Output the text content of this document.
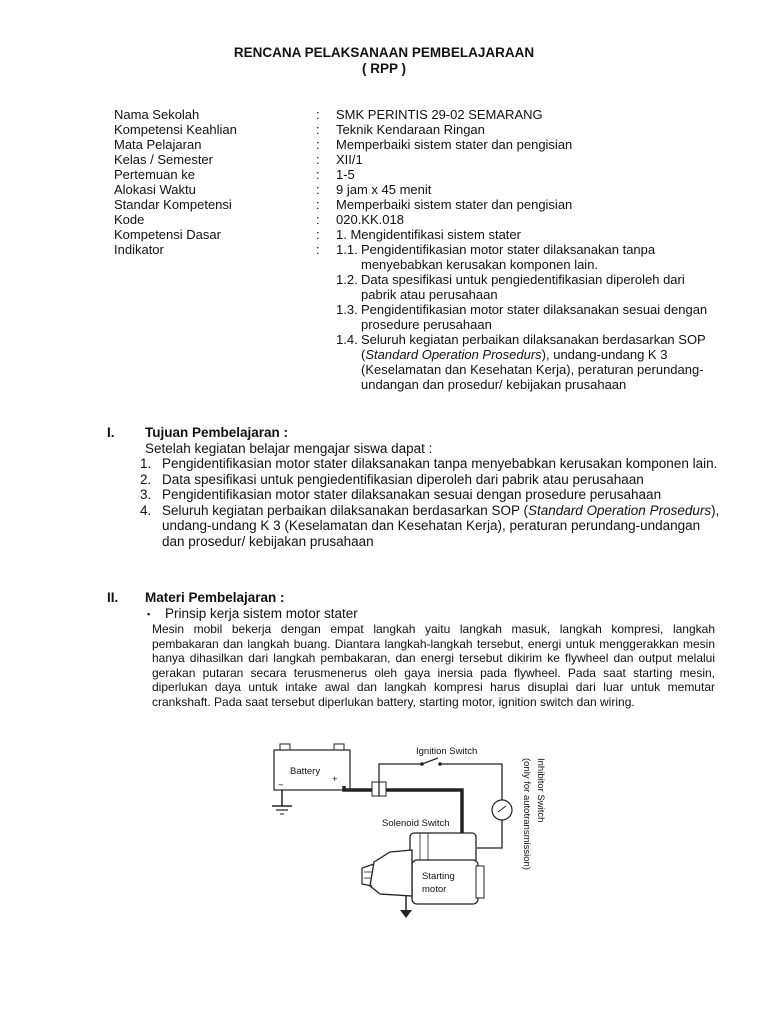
RENCANA PELAKSANAAN PEMBELAJARAAN
( RPP )
Nama Sekolah	:	SMK PERINTIS 29-02 SEMARANG
Kompetensi Keahlian	:	Teknik Kendaraan Ringan
Mata Pelajaran	:	Memperbaiki sistem stater dan pengisian
Kelas / Semester	:	XII/1
Pertemuan ke	:	1-5
Alokasi Waktu	:	9 jam x 45 menit
Standar Kompetensi	:	Memperbaiki sistem stater dan pengisian
Kode	:	020.KK.018
Kompetensi Dasar	:	1. Mengidentifikasi sistem stater
Indikator	:	1.1. Pengidentifikasian motor stater dilaksanakan tanpa menyebabkan kerusakan komponen lain.
1.2. Data spesifikasi untuk pengiedentifikasian diperoleh dari pabrik atau perusahaan
1.3. Pengidentifikasian motor stater dilaksanakan sesuai dengan prosedure perusahaan
1.4. Seluruh kegiatan perbaikan dilaksanakan berdasarkan SOP (Standard Operation Prosedurs), undang-undang K 3 (Keselamatan dan Kesehatan Kerja), peraturan perundang-undangan dan prosedur/ kebijakan prusahaan
I.	Tujuan Pembelajaran :
Setelah kegiatan belajar mengajar siswa dapat :
1. Pengidentifikasian motor stater dilaksanakan tanpa menyebabkan kerusakan komponen lain.
2. Data spesifikasi untuk pengiedentifikasian diperoleh dari pabrik atau perusahaan
3. Pengidentifikasian motor stater dilaksanakan sesuai dengan prosedure perusahaan
4. Seluruh kegiatan perbaikan dilaksanakan berdasarkan SOP (Standard Operation Prosedurs), undang-undang K 3 (Keselamatan dan Kesehatan Kerja), peraturan perundang-undangan dan prosedur/ kebijakan prusahaan
II.	Materi Pembelajaran :
▪	Prinsip kerja sistem motor stater
Mesin mobil bekerja dengan empat langkah yaitu langkah masuk, langkah kompresi, langkah pembakaran dan langkah buang. Diantara langkah-langkah tersebut, energi untuk menggerakkan mesin hanya dihasilkan dari langkah pembakaran, dan energi tersebut dikirim ke flywheel dan output melalui gerakan putaran secara terusmenerus oleh gaya inersia pada flywheel. Pada saat starting mesin, diperlukan daya untuk intake awal dan langkah kompresi harus disuplai dari luar untuk memutar crankshaft. Pada saat tersebut diperlukan battery, starting motor, ignition switch dan wiring.
Battery
−
+
Ignition Switch
Inhibitor Switch
(only for autotransmission)
Solenoid Switch
Starting
motor
